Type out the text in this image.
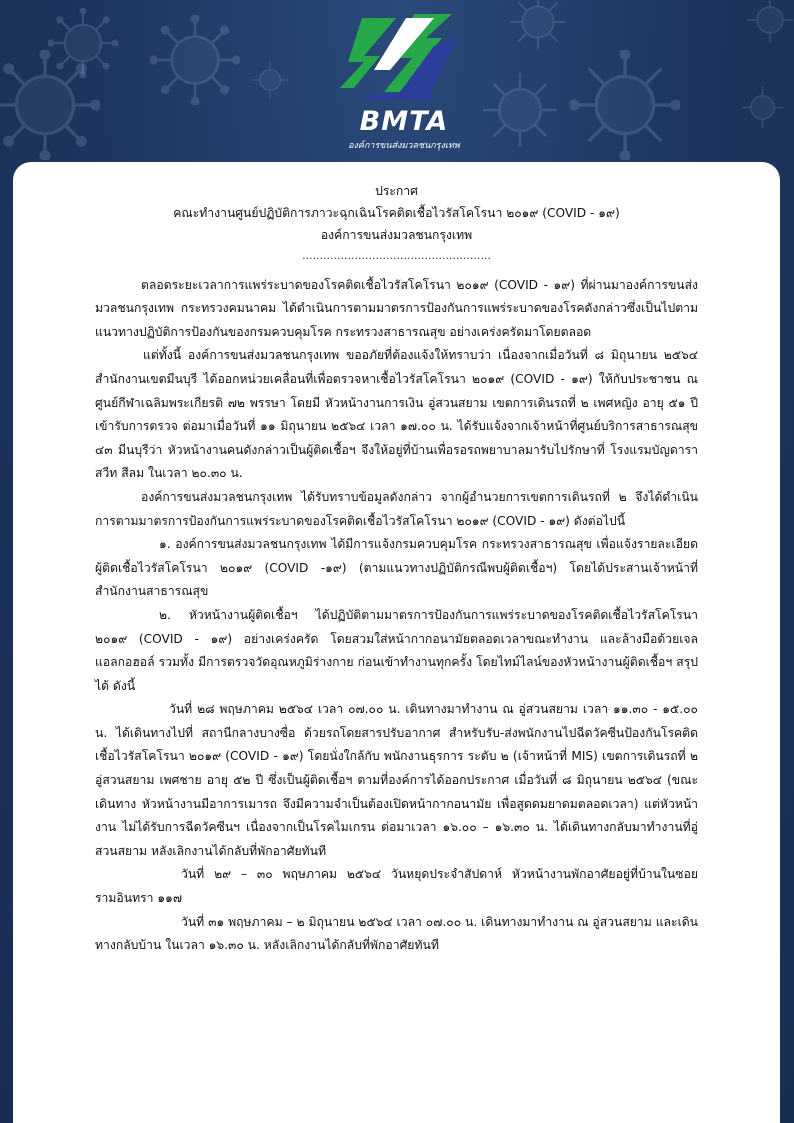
BMTA
องค์การขนส่งมวลชนกรุงเทพ
ประกาศ
คณะทำงานศูนย์ปฏิบัติการภาวะฉุกเฉินโรคติดเชื้อไวรัสโคโรนา ๒๐๑๙ (COVID - ๑๙)
องค์การขนส่งมวลชนกรุงเทพ
......................................................

ตลอดระยะเวลาการแพร่ระบาดของโรคติดเชื้อไวรัสโคโรนา ๒๐๑๙ (COVID - ๑๙) ที่ผ่านมาองค์การขนส่งมวลชนกรุงเทพ กระทรวงคมนาคม ได้ดำเนินการตามมาตรการป้องกันการแพร่ระบาดของโรคดังกล่าวซึ่งเป็นไปตามแนวทางปฏิบัติการป้องกันของกรมควบคุมโรค กระทรวงสาธารณสุข อย่างเคร่งครัดมาโดยตลอด

แต่ทั้งนี้ องค์การขนส่งมวลชนกรุงเทพ ขออภัยที่ต้องแจ้งให้ทราบว่า เนื่องจากเมื่อวันที่ ๘ มิถุนายน ๒๕๖๔ สำนักงานเขตมีนบุรี ได้ออกหน่วยเคลื่อนที่เพื่อตรวจหาเชื้อไวรัสโคโรนา ๒๐๑๙ (COVID - ๑๙) ให้กับประชาชน ณ ศูนย์กีฬาเฉลิมพระเกียรติ ๗๒ พรรษา โดยมี หัวหน้างานการเงิน อู่สวนสยาม เขตการเดินรถที่ ๒ เพศหญิง อายุ ๕๑ ปี เข้ารับการตรวจ ต่อมาเมื่อวันที่ ๑๑ มิถุนายน ๒๕๖๔ เวลา ๑๗.๐๐ น. ได้รับแจ้งจากเจ้าหน้าที่ศูนย์บริการสาธารณสุข ๔๓ มีนบุรีว่า หัวหน้างานคนดังกล่าวเป็นผู้ติดเชื้อฯ จึงให้อยู่ที่บ้านเพื่อรอรถพยาบาลมารับไปรักษาที่ โรงแรมบัญดารา สวีท สีลม ในเวลา ๒๐.๓๐ น.

องค์การขนส่งมวลชนกรุงเทพ ได้รับทราบข้อมูลดังกล่าว จากผู้อำนวยการเขตการเดินรถที่ ๒ จึงได้ดำเนินการตามมาตรการป้องกันการแพร่ระบาดของโรคติดเชื้อไวรัสโคโรนา ๒๐๑๙ (COVID - ๑๙) ดังต่อไปนี้

๑. องค์การขนส่งมวลชนกรุงเทพ ได้มีการแจ้งกรมควบคุมโรค กระทรวงสาธารณสุข เพื่อแจ้งรายละเอียดผู้ติดเชื้อไวรัสโคโรนา ๒๐๑๙ (COVID -๑๙) (ตามแนวทางปฏิบัติกรณีพบผู้ติดเชื้อฯ) โดยได้ประสานเจ้าหน้าที่สำนักงานสาธารณสุข

๒. หัวหน้างานผู้ติดเชื้อฯ ได้ปฏิบัติตามมาตรการป้องกันการแพร่ระบาดของโรคติดเชื้อไวรัสโคโรนา ๒๐๑๙ (COVID - ๑๙) อย่างเคร่งครัด โดยสวมใส่หน้ากากอนามัยตลอดเวลาขณะทำงาน และล้างมือด้วยเจลแอลกอฮอล์ รวมทั้ง มีการตรวจวัดอุณหภูมิร่างกาย ก่อนเข้าทำงานทุกครั้ง โดยไทม์ไลน์ของหัวหน้างานผู้ติดเชื้อฯ สรุปได้ ดังนี้

วันที่ ๒๘ พฤษภาคม ๒๕๖๔ เวลา ๐๗.๐๐ น. เดินทางมาทำงาน ณ อู่สวนสยาม เวลา ๑๑.๓๐ - ๑๕.๐๐ น. ได้เดินทางไปที่ สถานีกลางบางซื่อ ด้วยรถโดยสารปรับอากาศ สำหรับรับ-ส่งพนักงานไปฉีดวัคซีนป้องกันโรคติดเชื้อไวรัสโคโรนา ๒๐๑๙ (COVID - ๑๙) โดยนั่งใกล้กับ พนักงานธุรการ ระดับ ๒ (เจ้าหน้าที่ MIS) เขตการเดินรถที่ ๒ อู่สวนสยาม เพศชาย อายุ ๕๒ ปี ซึ่งเป็นผู้ติดเชื้อฯ ตามที่องค์การได้ออกประกาศ เมื่อวันที่ ๘ มิถุนายน ๒๕๖๔ (ขณะเดินทาง หัวหน้างานมีอาการเมารถ จึงมีความจำเป็นต้องเปิดหน้ากากอนามัย เพื่อสูดดมยาดมตลอดเวลา) แต่หัวหน้างาน ไม่ได้รับการฉีดวัคซีนฯ เนื่องจากเป็นโรคไมเกรน ต่อมาเวลา ๑๖.๐๐ – ๑๖.๓๐ น. ได้เดินทางกลับมาทำงานที่อู่สวนสยาม หลังเลิกงานได้กลับที่พักอาศัยทันที

วันที่ ๒๙ – ๓๐ พฤษภาคม ๒๕๖๔ วันหยุดประจำสัปดาห์ หัวหน้างานพักอาศัยอยู่ที่บ้านในซอยรามอินทรา ๑๑๗

วันที่ ๓๑ พฤษภาคม – ๒ มิถุนายน ๒๕๖๔ เวลา ๐๗.๐๐ น. เดินทางมาทำงาน ณ อู่สวนสยาม และเดินทางกลับบ้าน ในเวลา ๑๖.๓๐ น. หลังเลิกงานได้กลับที่พักอาศัยทันที
